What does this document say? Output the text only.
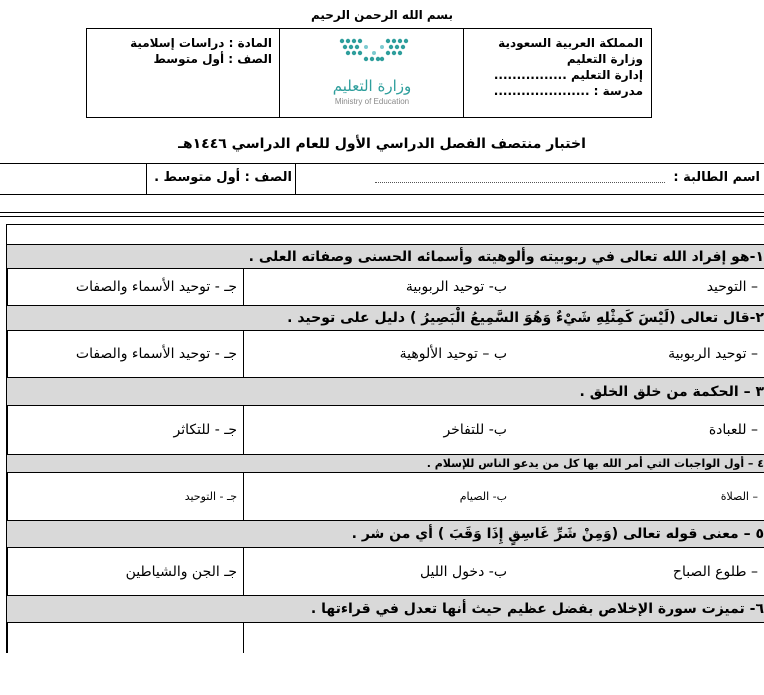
بسم الله الرحمن الرحيم
المملكة العربية السعودية
وزارة التعليم
إدارة التعليم ................
مدرسة : .....................
وزارة التعليم
Ministry of Education
المادة : دراسات إسلامية
الصف : أول متوسط
اختبار منتصف الفصل الدراسي الأول للعام الدراسي ١٤٤٦هـ
اسم الطالبة :
الصف : أول متوسط .
١-هو إفراد الله تعالى في ربوبيته وألوهيته وأسمائه الحسنى وصفاته العلى .
– التوحيد
ب- توحيد الربوبية
جـ - توحيد الأسماء والصفات
٢-قال تعالى (لَيْسَ كَمِثْلِهِ شَيْءٌ وَهُوَ السَّمِيعُ الْبَصِيرُ ) دليل على توحيد .
– توحيد الربوبية
ب – توحيد الألوهية
جـ - توحيد الأسماء والصفات
٣ – الحكمة من خلق الخلق .
– للعبادة
ب- للتفاخر
جـ - للتكاثر
٤ – أول الواجبات التي أمر الله بها كل من يدعو الناس للإسلام .
– الصلاة
ب- الصيام
جـ - التوحيد
٥ – معنى قوله تعالى (وَمِنْ شَرِّ غَاسِقٍ إِذَا وَقَبَ ) أي من شر .
– طلوع الصباح
ب- دخول الليل
جـ الجن والشياطين
٦- تميزت سورة الإخلاص بفضل عظيم حيث أنها تعدل في قراءتها .
